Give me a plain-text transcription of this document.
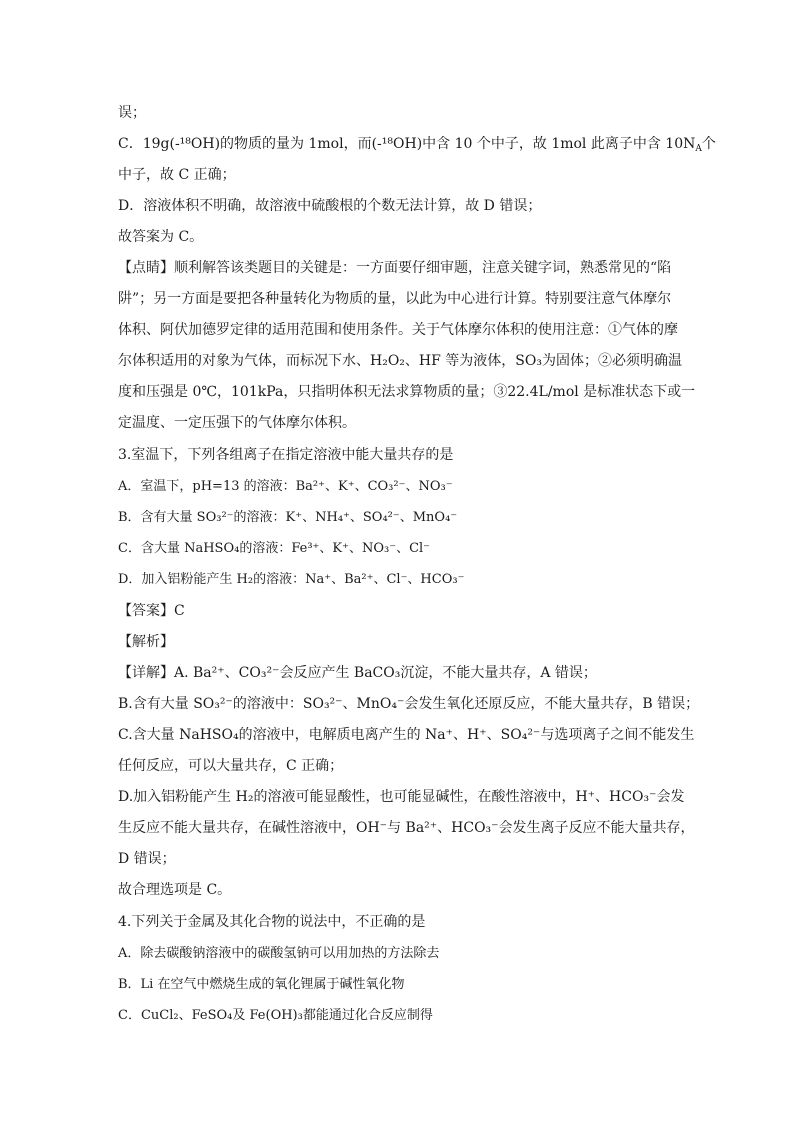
误；
C．19g(-¹⁸OH)的物质的量为 1mol，而(-¹⁸OH)中含 10 个中子，故 1mol 此离子中含 $10N_A$个
中子，故 C 正确；
D．溶液体积不明确，故溶液中硫酸根的个数无法计算，故 D 错误；
故答案为 C。
【点睛】顺利解答该类题目的关键是：一方面要仔细审题，注意关键字词，熟悉常见的“陷
阱”；另一方面是要把各种量转化为物质的量，以此为中心进行计算。特别要注意气体摩尔
体积、阿伏加德罗定律的适用范围和使用条件。关于气体摩尔体积的使用注意：①气体的摩
尔体积适用的对象为气体，而标况下水、H₂O₂、HF 等为液体，SO₃为固体；②必须明确温
度和压强是 0℃，101kPa，只指明体积无法求算物质的量；③22.4L/mol 是标准状态下或一
定温度、一定压强下的气体摩尔体积。
3.室温下，下列各组离子在指定溶液中能大量共存的是
A．室温下，pH=13 的溶液：Ba²⁺、K⁺、CO₃²⁻、NO₃⁻
B．含有大量 SO₃²⁻的溶液：K⁺、NH₄⁺、SO₄²⁻、MnO₄⁻
C．含大量 NaHSO₄的溶液：Fe³⁺、K⁺、NO₃⁻、Cl⁻
D．加入铝粉能产生 H₂的溶液：Na⁺、Ba²⁺、Cl⁻、HCO₃⁻
【答案】C
【解析】
【详解】A. Ba²⁺、CO₃²⁻会反应产生 BaCO₃沉淀，不能大量共存，A 错误；
B.含有大量 SO₃²⁻的溶液中：SO₃²⁻、MnO₄⁻会发生氧化还原反应，不能大量共存，B 错误；
C.含大量 NaHSO₄的溶液中，电解质电离产生的 Na⁺、H⁺、SO₄²⁻与选项离子之间不能发生
任何反应，可以大量共存，C 正确；
D.加入铝粉能产生 H₂的溶液可能显酸性，也可能显碱性，在酸性溶液中，H⁺、HCO₃⁻会发
生反应不能大量共存，在碱性溶液中，OH⁻与 Ba²⁺、HCO₃⁻会发生离子反应不能大量共存，
D 错误；
故合理选项是 C。
4.下列关于金属及其化合物的说法中，不正确的是
A．除去碳酸钠溶液中的碳酸氢钠可以用加热的方法除去
B．Li 在空气中燃烧生成的氧化锂属于碱性氧化物
C．CuCl₂、FeSO₄及 Fe(OH)₃都能通过化合反应制得
